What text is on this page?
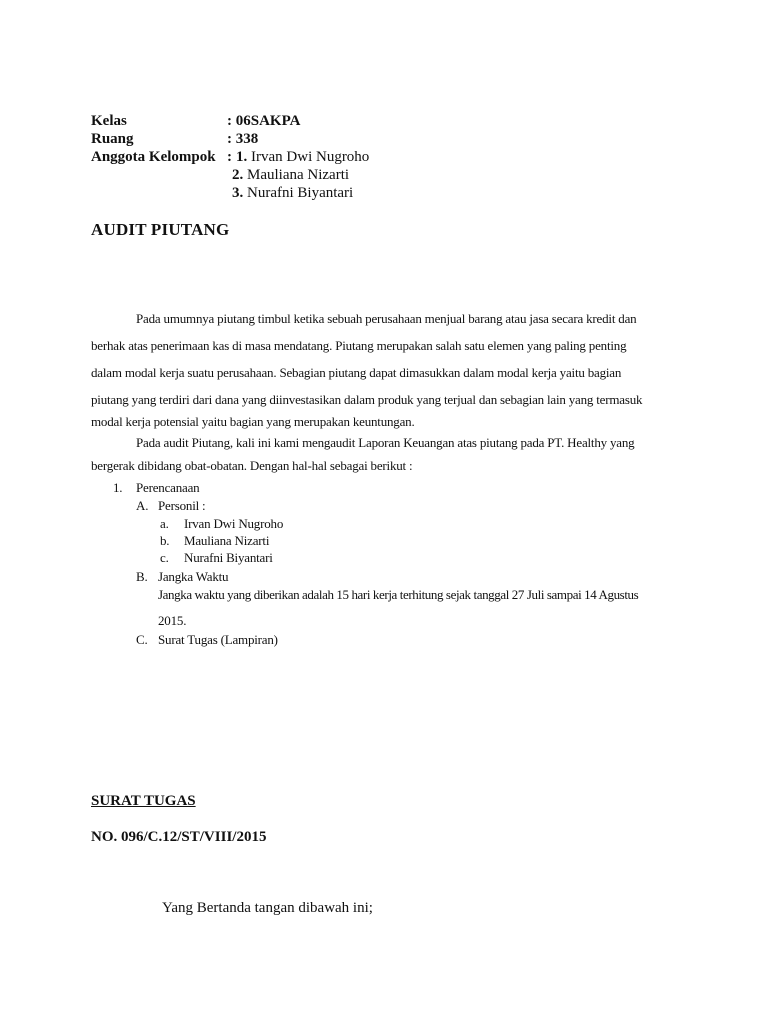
Kelas	: 06SAKPA
Ruang	: 338
Anggota Kelompok : 1. Irvan Dwi Nugroho
2. Mauliana Nizarti
3. Nurafni Biyantari
AUDIT PIUTANG

Pada umumnya piutang timbul ketika sebuah perusahaan menjual barang atau jasa secara kredit dan

berhak atas penerimaan kas di masa mendatang. Piutang merupakan salah satu elemen yang paling penting

dalam modal kerja suatu perusahaan. Sebagian piutang dapat dimasukkan dalam modal kerja yaitu bagian

piutang yang terdiri dari dana yang diinvestasikan dalam produk yang terjual dan sebagian lain yang termasuk

modal kerja potensial yaitu bagian yang merupakan keuntungan.

Pada audit Piutang, kali ini kami mengaudit Laporan Keuangan atas piutang pada PT. Healthy yang

bergerak dibidang obat-obatan. Dengan hal-hal sebagai berikut :

1. Perencanaan
A. Personil :
a. Irvan Dwi Nugroho
b. Mauliana Nizarti
c. Nurafni Biyantari
B. Jangka Waktu
Jangka waktu yang diberikan adalah 15 hari kerja terhitung sejak tanggal 27 Juli sampai 14 Agustus
2015.
C. Surat Tugas (Lampiran)
SURAT TUGAS
NO. 096/C.12/ST/VIII/2015
Yang Bertanda tangan dibawah ini;
